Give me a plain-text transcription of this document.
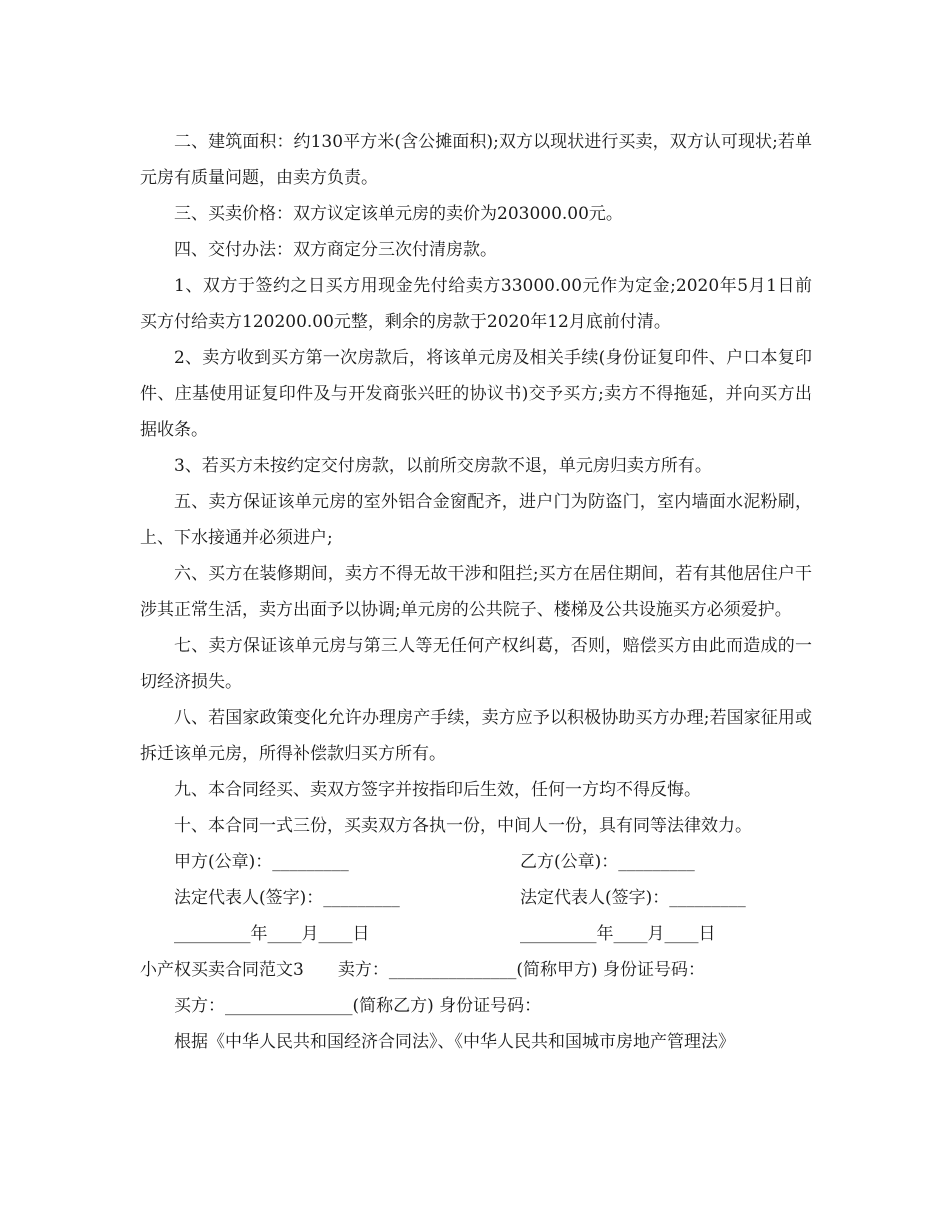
二、建筑面积：约130平方米(含公摊面积);双方以现状进行买卖，双方认可现状;若单元房有质量问题，由卖方负责。

三、买卖价格：双方议定该单元房的卖价为203000.00元。

四、交付办法：双方商定分三次付清房款。

1、双方于签约之日买方用现金先付给卖方33000.00元作为定金;2020年5月1日前买方付给卖方120200.00元整，剩余的房款于2020年12月底前付清。

2、卖方收到买方第一次房款后，将该单元房及相关手续(身份证复印件、户口本复印件、庄基使用证复印件及与开发商张兴旺的协议书)交予买方;卖方不得拖延，并向买方出据收条。

3、若买方未按约定交付房款，以前所交房款不退，单元房归卖方所有。

五、卖方保证该单元房的室外铝合金窗配齐，进户门为防盗门，室内墙面水泥粉刷，上、下水接通并必须进户;

六、买方在装修期间，卖方不得无故干涉和阻拦;买方在居住期间，若有其他居住户干涉其正常生活，卖方出面予以协调;单元房的公共院子、楼梯及公共设施买方必须爱护。

七、卖方保证该单元房与第三人等无任何产权纠葛，否则，赔偿买方由此而造成的一切经济损失。

八、若国家政策变化允许办理房产手续，卖方应予以积极协助买方办理;若国家征用或拆迁该单元房，所得补偿款归买方所有。

九、本合同经买、卖双方签字并按指印后生效，任何一方均不得反悔。

十、本合同一式三份，买卖双方各执一份，中间人一份，具有同等法律效力。

甲方(公章)：_________	乙方(公章)：_________
法定代表人(签字)：_________	法定代表人(签字)：_________
_________年____月____日	_________年____月____日

小产权买卖合同范文3　　卖方：_______________(简称甲方) 身份证号码：

买方：_______________(简称乙方) 身份证号码：

根据《中华人民共和国经济合同法》、《中华人民共和国城市房地产管理法》
